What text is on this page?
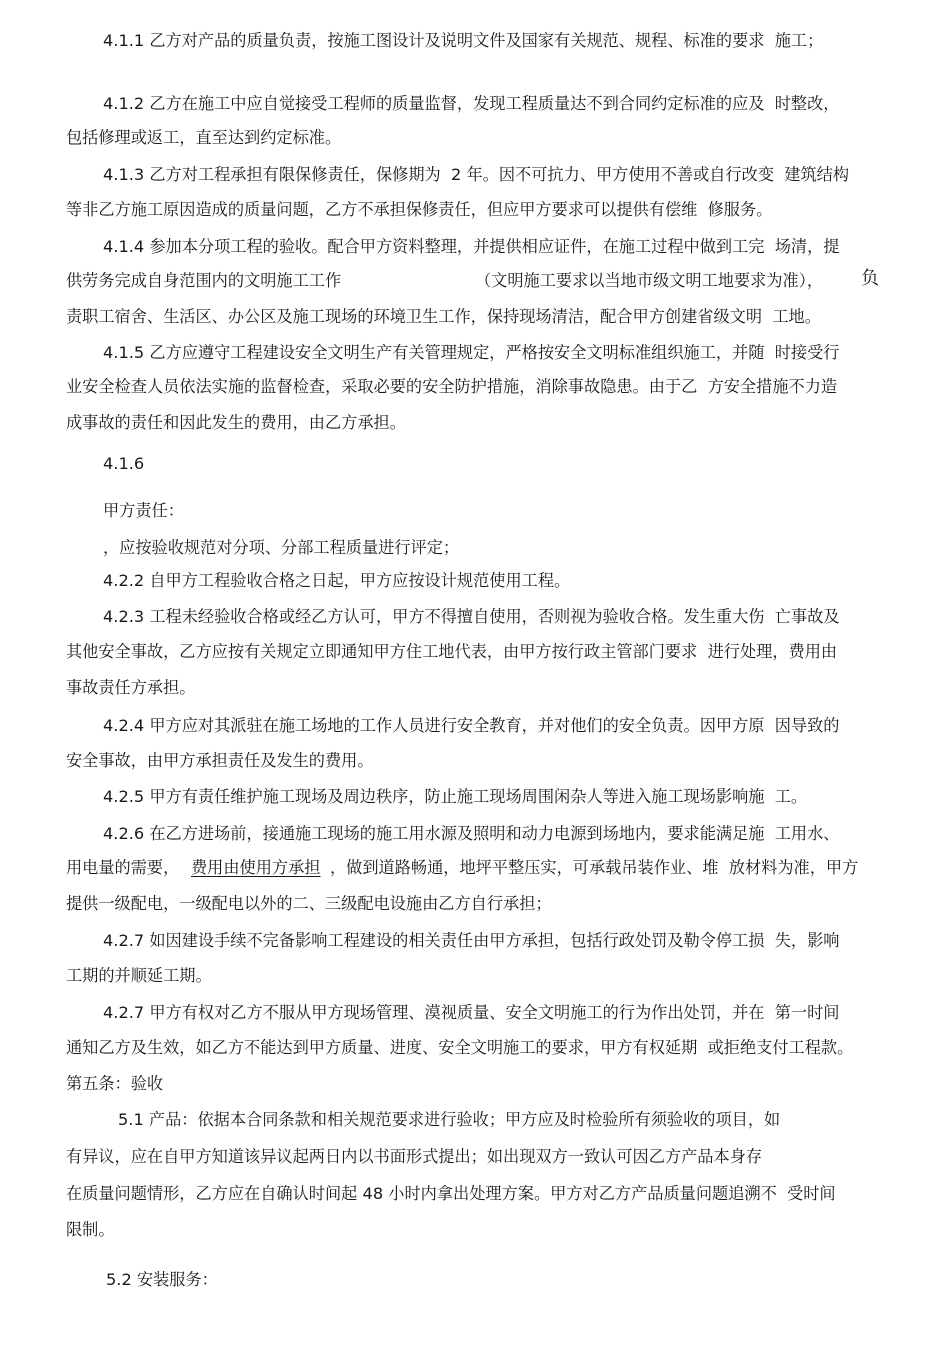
4.1.1 乙方对产品的质量负责，按施工图设计及说明文件及国家有关规范、规程、标准的要求  施工；
4.1.2 乙方在施工中应自觉接受工程师的质量监督，发现工程质量达不到合同约定标准的应及  时整改，
包括修理或返工，直至达到约定标准。
4.1.3 乙方对工程承担有限保修责任，保修期为  2 年。因不可抗力、甲方使用不善或自行改变  建筑结构
等非乙方施工原因造成的质量问题，乙方不承担保修责任，但应甲方要求可以提供有偿维  修服务。
4.1.4 参加本分项工程的验收。配合甲方资料整理，并提供相应证件，在施工过程中做到工完  场清，提
供劳务完成自身范围内的文明施工工作	（文明施工要求以当地市级文明工地要求为准）， 负
责职工宿舍、生活区、办公区及施工现场的环境卫生工作，保持现场清洁，配合甲方创建省级文明  工地。
4.1.5 乙方应遵守工程建设安全文明生产有关管理规定，严格按安全文明标准组织施工，并随  时接受行
业安全检查人员依法实施的监督检查，采取必要的安全防护措施，消除事故隐患。由于乙  方安全措施不力造
成事故的责任和因此发生的费用，由乙方承担。
4.1.6
甲方责任：
，应按验收规范对分项、分部工程质量进行评定；
4.2.2 自甲方工程验收合格之日起，甲方应按设计规范使用工程。
4.2.3 工程未经验收合格或经乙方认可，甲方不得擅自使用，否则视为验收合格。发生重大伤  亡事故及
其他安全事故，乙方应按有关规定立即通知甲方住工地代表，由甲方按行政主管部门要求  进行处理，费用由
事故责任方承担。
4.2.4 甲方应对其派驻在施工场地的工作人员进行安全教育，并对他们的安全负责。因甲方原  因导致的
安全事故，由甲方承担责任及发生的费用。
4.2.5 甲方有责任维护施工现场及周边秩序，防止施工现场周围闲杂人等进入施工现场影响施  工。
4.2.6 在乙方进场前，接通施工现场的施工用水源及照明和动力电源到场地内，要求能满足施  工用水、
用电量的需要， 费用由使用方承担 ，做到道路畅通，地坪平整压实，可承载吊装作业、堆  放材料为准，甲方
提供一级配电，一级配电以外的二、三级配电设施由乙方自行承担；
4.2.7 如因建设手续不完备影响工程建设的相关责任由甲方承担，包括行政处罚及勒令停工损  失，影响
工期的并顺延工期。
4.2.7 甲方有权对乙方不服从甲方现场管理、漠视质量、安全文明施工的行为作出处罚，并在  第一时间
通知乙方及生效，如乙方不能达到甲方质量、进度、安全文明施工的要求，甲方有权延期  或拒绝支付工程款。
第五条：验收
5.1 产品：依据本合同条款和相关规范要求进行验收；甲方应及时检验所有须验收的项目，如
有异议，应在自甲方知道该异议起两日内以书面形式提出；如出现双方一致认可因乙方产品本身存
在质量问题情形，乙方应在自确认时间起 48 小时内拿出处理方案。甲方对乙方产品质量问题追溯不  受时间
限制。
5.2 安装服务：
